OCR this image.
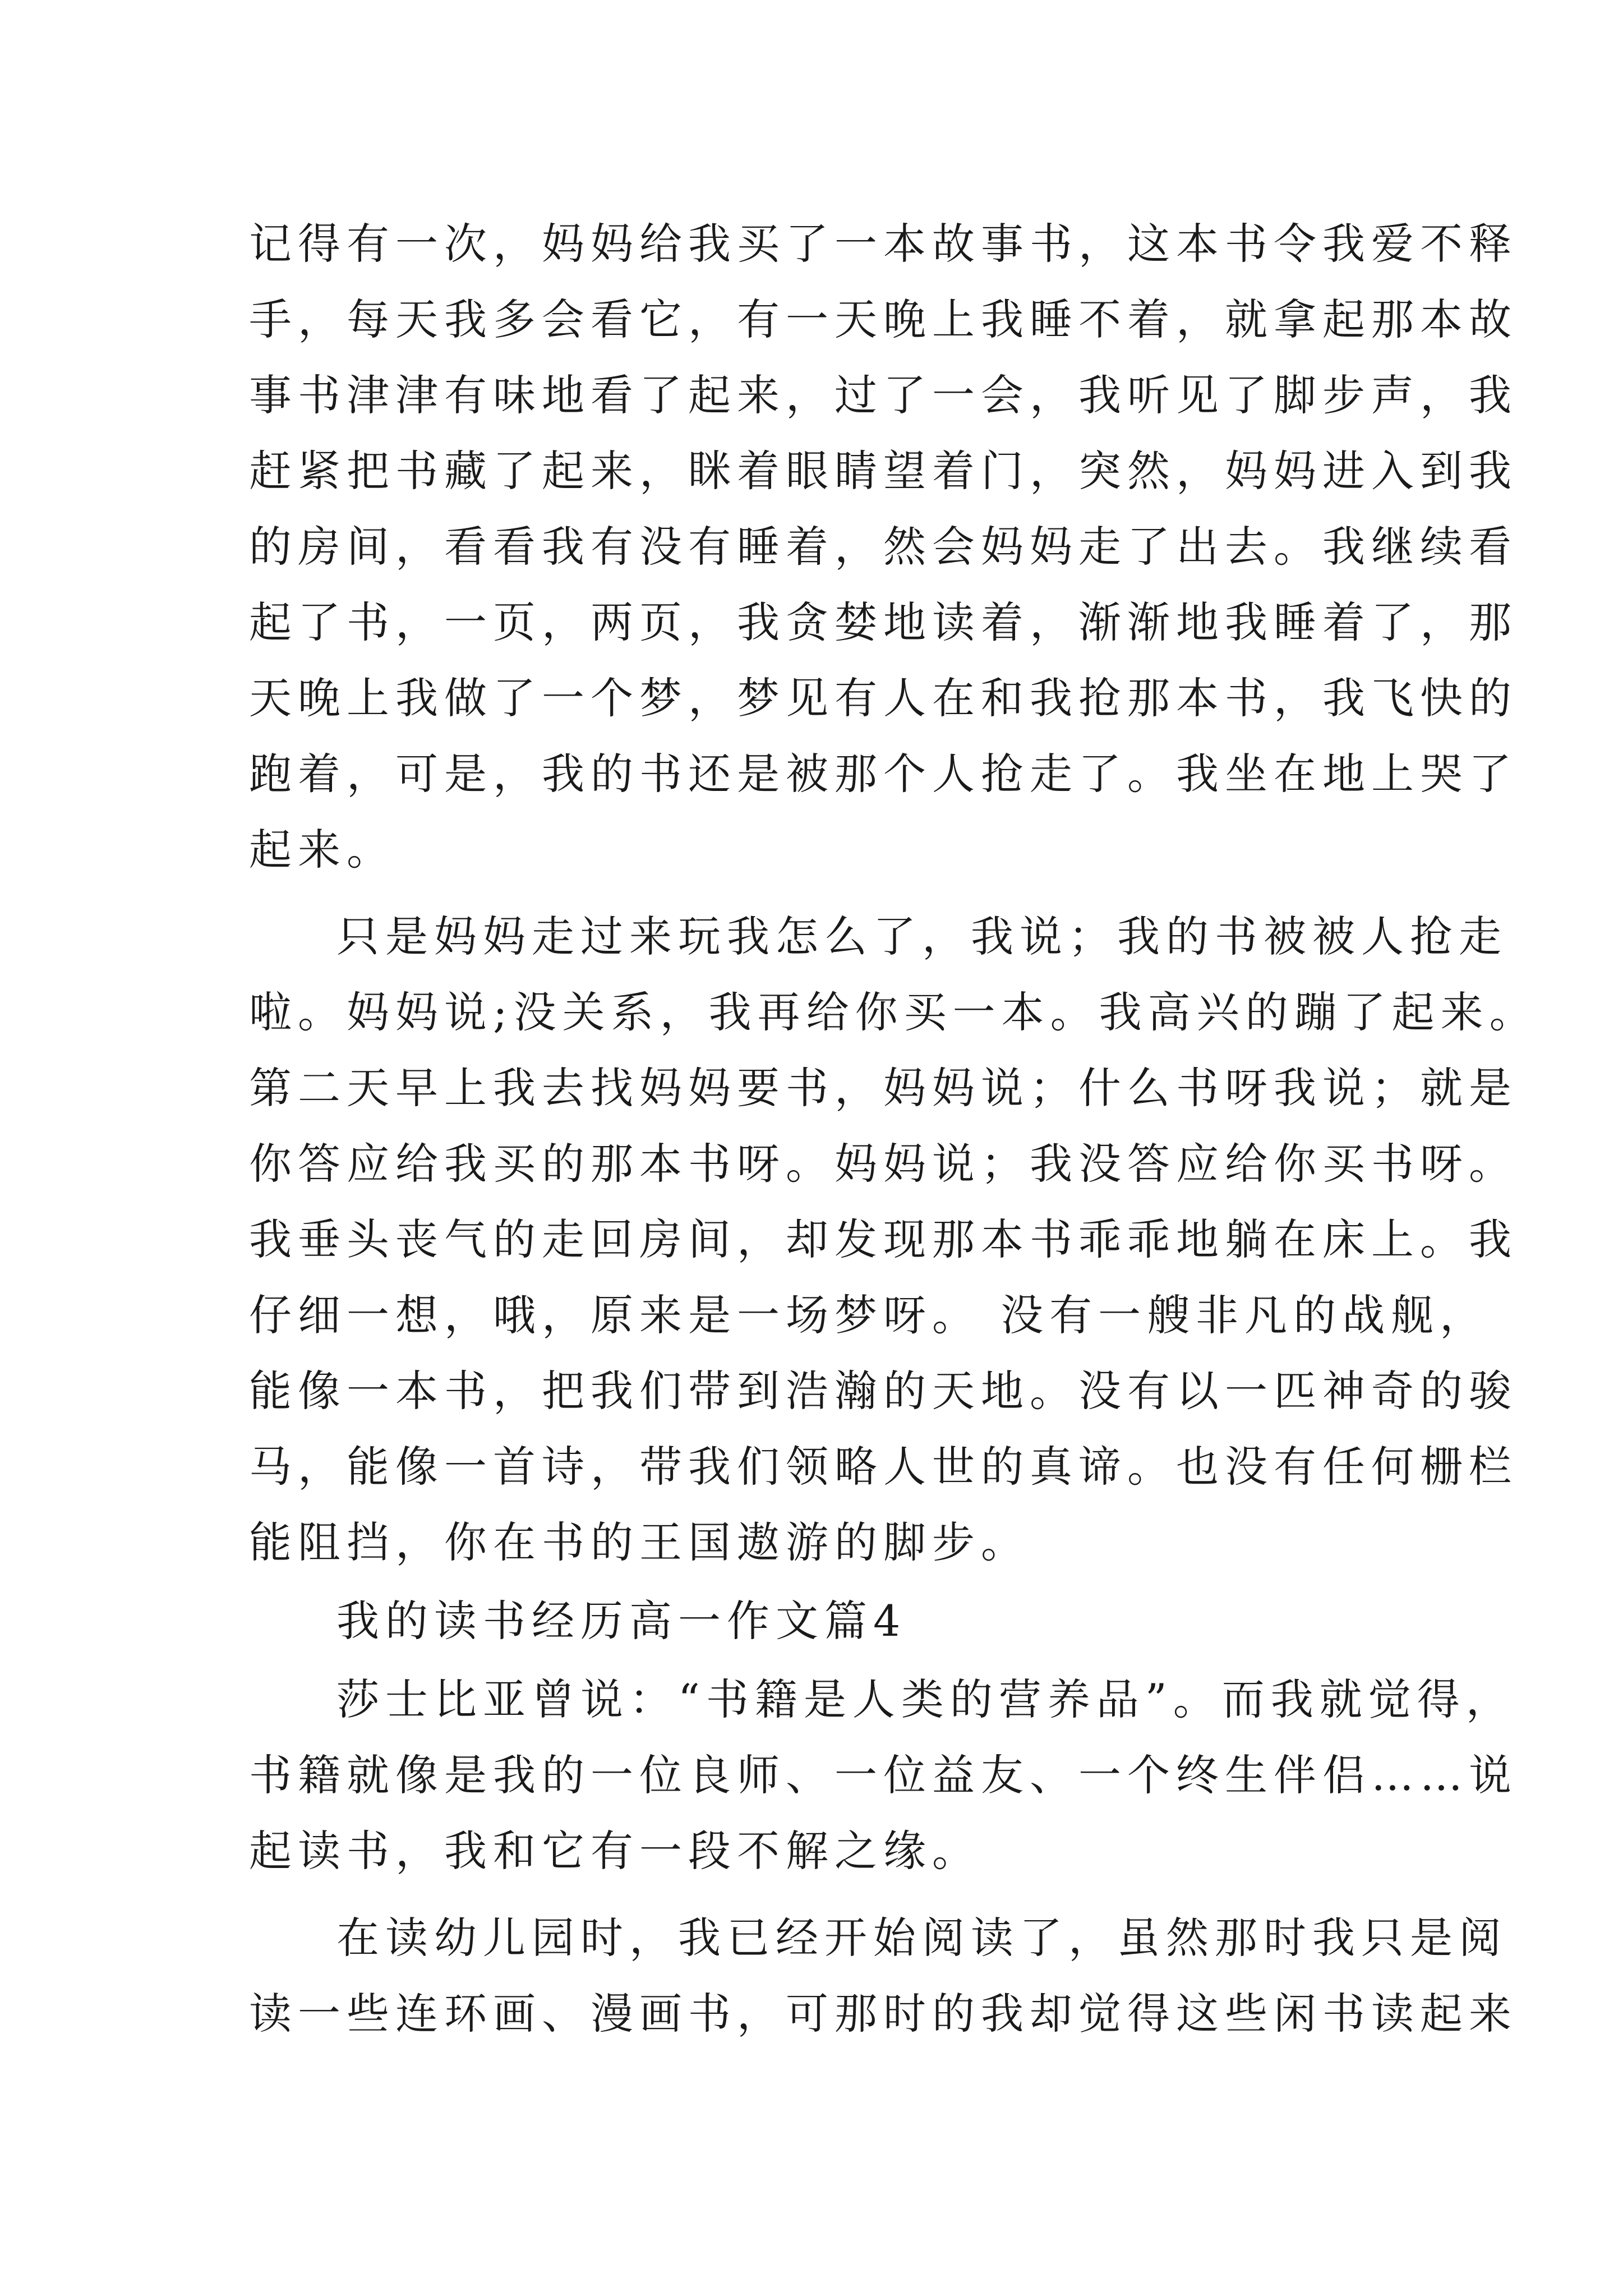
记得有一次，妈妈给我买了一本故事书，这本书令我爱不释
手，每天我多会看它，有一天晚上我睡不着，就拿起那本故
事书津津有味地看了起来，过了一会，我听见了脚步声，我
赶紧把书藏了起来，眯着眼睛望着门，突然，妈妈进入到我
的房间，看看我有没有睡着，然会妈妈走了出去。我继续看
起了书，一页，两页，我贪婪地读着，渐渐地我睡着了，那
天晚上我做了一个梦，梦见有人在和我抢那本书，我飞快的
跑着，可是，我的书还是被那个人抢走了。我坐在地上哭了
起来。
只是妈妈走过来玩我怎么了，我说；我的书被被人抢走
啦。妈妈说;没关系，我再给你买一本。我高兴的蹦了起来。
第二天早上我去找妈妈要书，妈妈说；什么书呀我说；就是
你答应给我买的那本书呀。妈妈说；我没答应给你买书呀。
我垂头丧气的走回房间，却发现那本书乖乖地躺在床上。我
仔细一想，哦，原来是一场梦呀。 没有一艘非凡的战舰，
能像一本书，把我们带到浩瀚的天地。没有以一匹神奇的骏
马，能像一首诗，带我们领略人世的真谛。也没有任何栅栏
能阻挡，你在书的王国遨游的脚步。
我的读书经历高一作文篇4
莎士比亚曾说：“书籍是人类的营养品”。而我就觉得，
书籍就像是我的一位良师、一位益友、一个终生伴侣……说
起读书，我和它有一段不解之缘。
在读幼儿园时，我已经开始阅读了，虽然那时我只是阅
读一些连环画、漫画书，可那时的我却觉得这些闲书读起来
